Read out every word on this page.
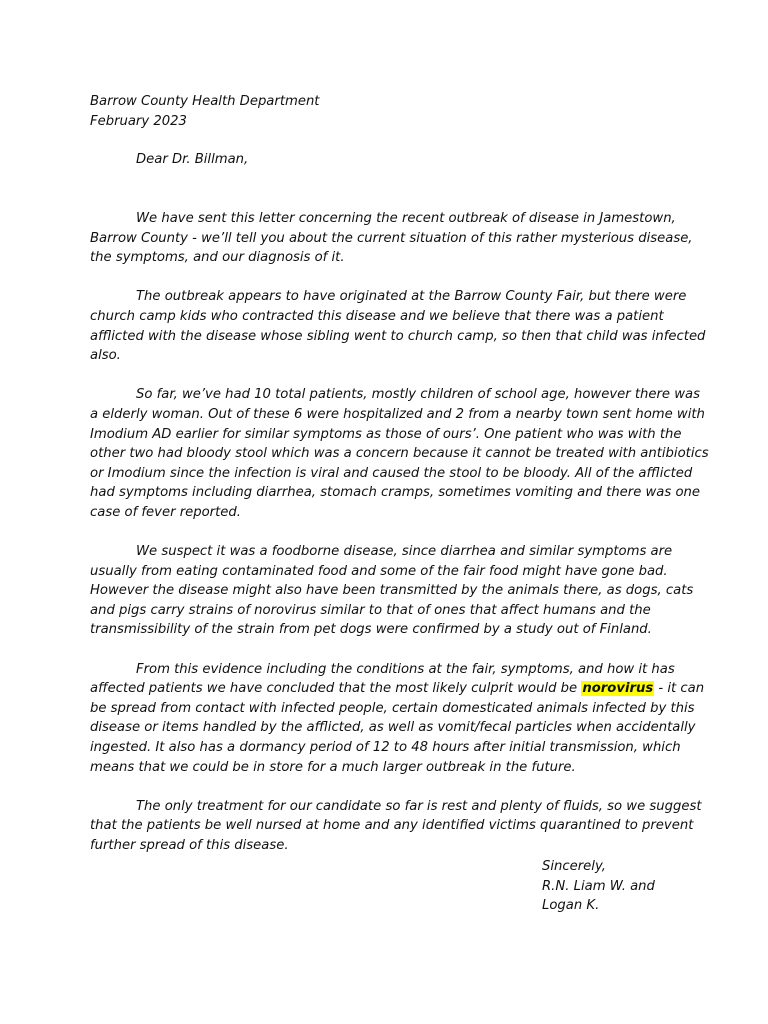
Barrow County Health Department
February 2023
Dear Dr. Billman,

We have sent this letter concerning the recent outbreak of disease in Jamestown,
Barrow County - we’ll tell you about the current situation of this rather mysterious disease,
the symptoms, and our diagnosis of it.

The outbreak appears to have originated at the Barrow County Fair, but there were
church camp kids who contracted this disease and we believe that there was a patient
afflicted with the disease whose sibling went to church camp, so then that child was infected
also.

So far, we’ve had 10 total patients, mostly children of school age, however there was
a elderly woman. Out of these 6 were hospitalized and 2 from a nearby town sent home with
Imodium AD earlier for similar symptoms as those of ours’. One patient who was with the
other two had bloody stool which was a concern because it cannot be treated with antibiotics
or Imodium since the infection is viral and caused the stool to be bloody. All of the afflicted
had symptoms including diarrhea, stomach cramps, sometimes vomiting and there was one
case of fever reported.

We suspect it was a foodborne disease, since diarrhea and similar symptoms are
usually from eating contaminated food and some of the fair food might have gone bad.
However the disease might also have been transmitted by the animals there, as dogs, cats
and pigs carry strains of norovirus similar to that of ones that affect humans and the
transmissibility of the strain from pet dogs were confirmed by a study out of Finland.

From this evidence including the conditions at the fair, symptoms, and how it has
affected patients we have concluded that the most likely culprit would be norovirus - it can
be spread from contact with infected people, certain domesticated animals infected by this
disease or items handled by the afflicted, as well as vomit/fecal particles when accidentally
ingested. It also has a dormancy period of 12 to 48 hours after initial transmission, which
means that we could be in store for a much larger outbreak in the future.

The only treatment for our candidate so far is rest and plenty of fluids, so we suggest
that the patients be well nursed at home and any identified victims quarantined to prevent
further spread of this disease.

Sincerely,
R.N. Liam W. and
Logan K.
